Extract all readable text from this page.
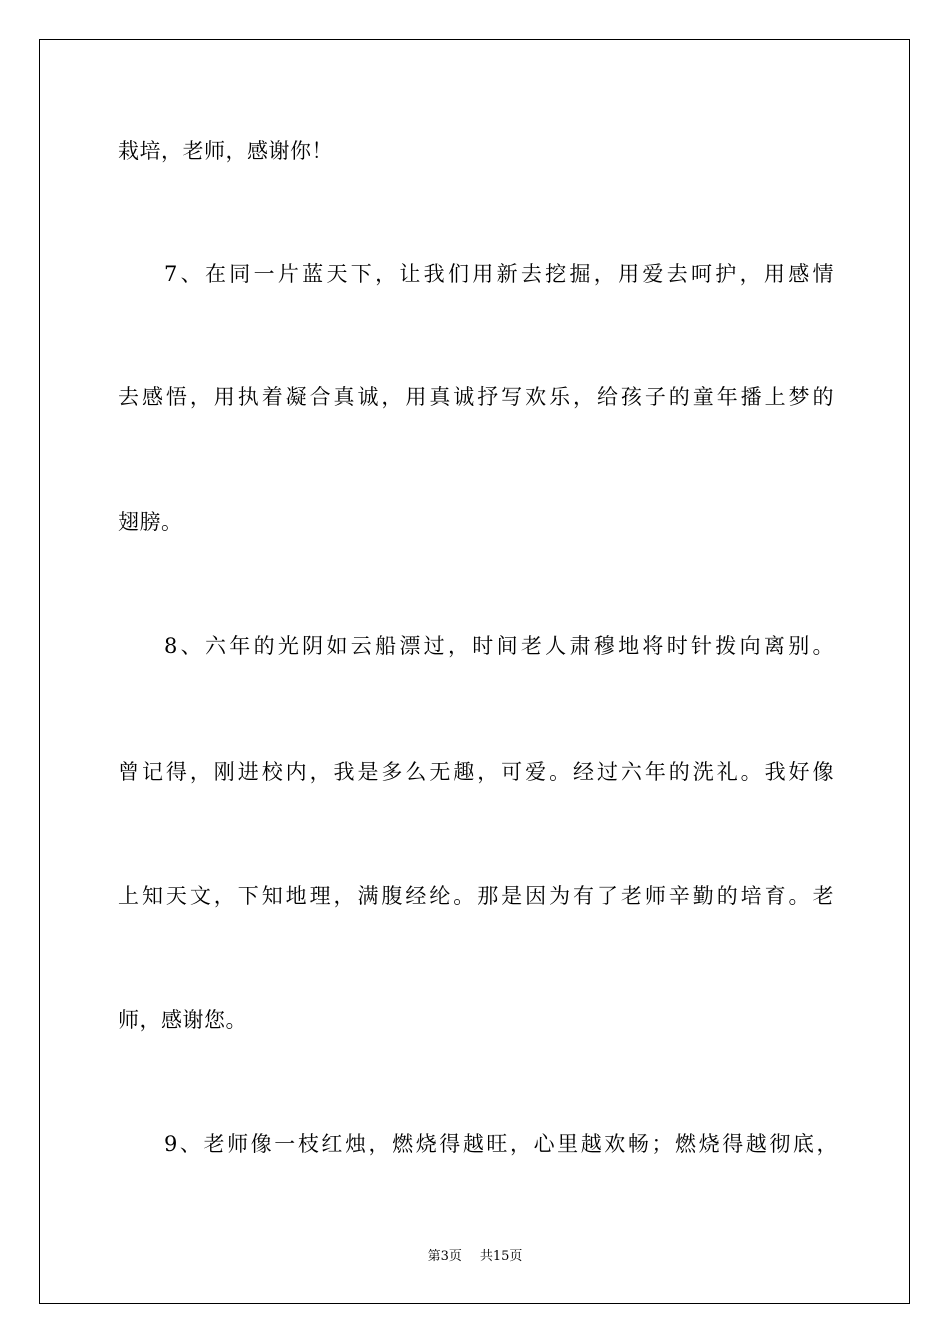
栽培，老师，感谢你！
7、在同一片蓝天下，让我们用新去挖掘，用爱去呵护，用感情
去感悟，用执着凝合真诚，用真诚抒写欢乐，给孩子的童年播上梦的
翅膀。
8、六年的光阴如云船漂过，时间老人肃穆地将时针拨向离别。
曾记得，刚进校内，我是多么无趣，可爱。经过六年的洗礼。我好像
上知天文，下知地理，满腹经纶。那是因为有了老师辛勤的培育。老
师，感谢您。
9、老师像一枝红烛，燃烧得越旺，心里越欢畅；燃烧得越彻底，
第3页 共15页
